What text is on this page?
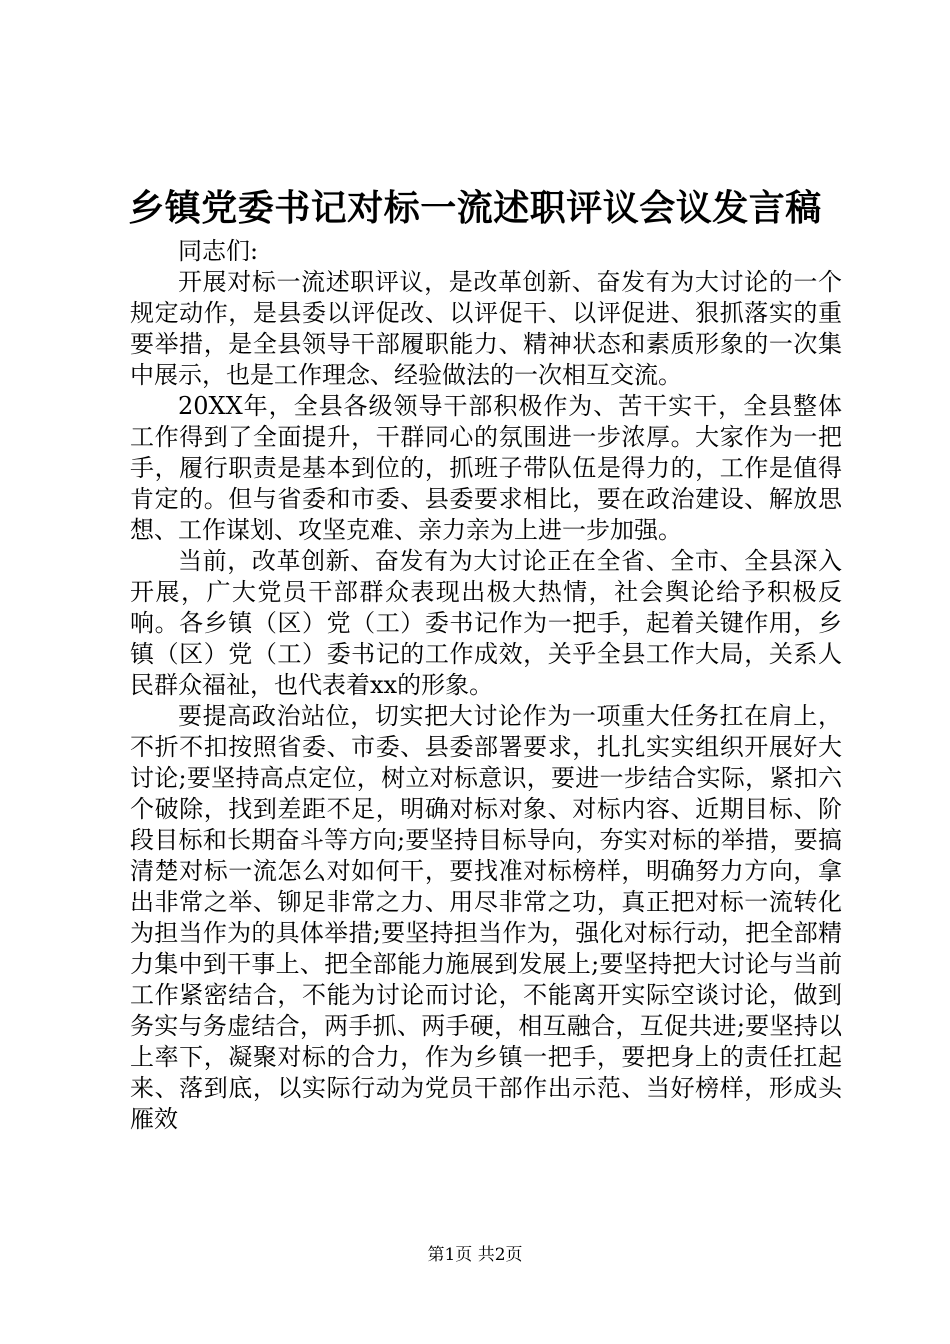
乡镇党委书记对标一流述职评议会议发言稿

同志们:

开展对标一流述职评议，是改革创新、奋发有为大讨论的一个规定动作，是县委以评促改、以评促干、以评促进、狠抓落实的重要举措，是全县领导干部履职能力、精神状态和素质形象的一次集中展示，也是工作理念、经验做法的一次相互交流。

20XX年，全县各级领导干部积极作为、苦干实干，全县整体工作得到了全面提升，干群同心的氛围进一步浓厚。大家作为一把手，履行职责是基本到位的，抓班子带队伍是得力的，工作是值得肯定的。但与省委和市委、县委要求相比，要在政治建设、解放思想、工作谋划、攻坚克难、亲力亲为上进一步加强。

当前，改革创新、奋发有为大讨论正在全省、全市、全县深入开展，广大党员干部群众表现出极大热情，社会舆论给予积极反响。各乡镇（区）党（工）委书记作为一把手，起着关键作用，乡镇（区）党（工）委书记的工作成效，关乎全县工作大局，关系人民群众福祉，也代表着xx的形象。

要提高政治站位，切实把大讨论作为一项重大任务扛在肩上，不折不扣按照省委、市委、县委部署要求，扎扎实实组织开展好大讨论;要坚持高点定位，树立对标意识，要进一步结合实际，紧扣六个破除，找到差距不足，明确对标对象、对标内容、近期目标、阶段目标和长期奋斗等方向;要坚持目标导向，夯实对标的举措，要搞清楚对标一流怎么对如何干，要找准对标榜样，明确努力方向，拿出非常之举、铆足非常之力、用尽非常之功，真正把对标一流转化为担当作为的具体举措;要坚持担当作为，强化对标行动，把全部精力集中到干事上、把全部能力施展到发展上;要坚持把大讨论与当前工作紧密结合，不能为讨论而讨论，不能离开实际空谈讨论，做到务实与务虚结合，两手抓、两手硬，相互融合，互促共进;要坚持以上率下，凝聚对标的合力，作为乡镇一把手，要把身上的责任扛起来、落到底，以实际行动为党员干部作出示范、当好榜样，形成头雁效

第1页 共2页
